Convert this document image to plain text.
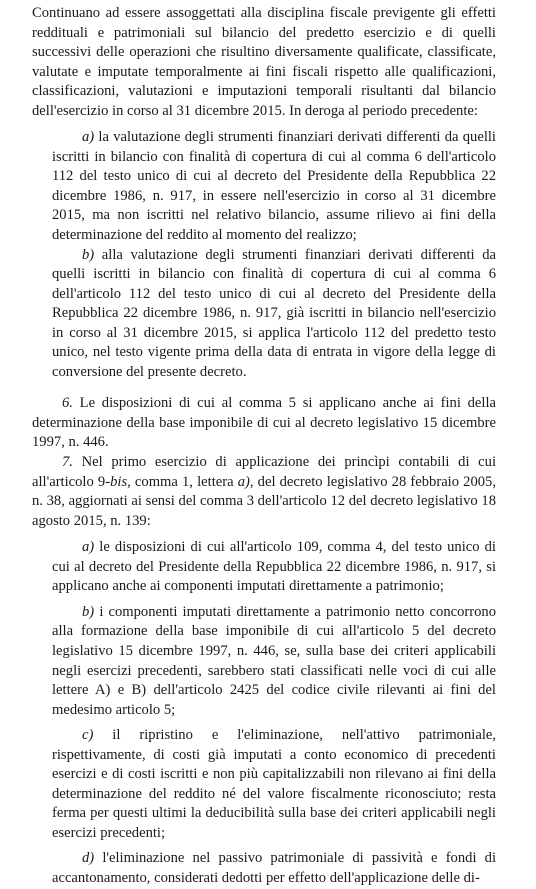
Continuano ad essere assoggettati alla disciplina fiscale previgente gli effetti reddituali e patrimoniali sul bilancio del predetto esercizio e di quelli successivi delle operazioni che risultino diversamente qualificate, classificate, valutate e imputate temporalmente ai fini fiscali rispetto alle qualificazioni, classificazioni, valutazioni e imputazioni temporali risultanti dal bilancio dell'esercizio in corso al 31 dicembre 2015. In deroga al periodo precedente:

a) la valutazione degli strumenti finanziari derivati differenti da quelli iscritti in bilancio con finalità di copertura di cui al comma 6 dell'articolo 112 del testo unico di cui al decreto del Presidente della Repubblica 22 dicembre 1986, n. 917, in essere nell'esercizio in corso al 31 dicembre 2015, ma non iscritti nel relativo bilancio, assume rilievo ai fini della determinazione del reddito al momento del realizzo;

b) alla valutazione degli strumenti finanziari derivati differenti da quelli iscritti in bilancio con finalità di copertura di cui al comma 6 dell'articolo 112 del testo unico di cui al decreto del Presidente della Repubblica 22 dicembre 1986, n. 917, già iscritti in bilancio nell'esercizio in corso al 31 dicembre 2015, si applica l'articolo 112 del predetto testo unico, nel testo vigente prima della data di entrata in vigore della legge di conversione del presente decreto.

6. Le disposizioni di cui al comma 5 si applicano anche ai fini della determinazione della base imponibile di cui al decreto legislativo 15 dicembre 1997, n. 446.

7. Nel primo esercizio di applicazione dei princìpi contabili di cui all'articolo 9-bis, comma 1, lettera a), del decreto legislativo 28 febbraio 2005, n. 38, aggiornati ai sensi del comma 3 dell'articolo 12 del decreto legislativo 18 agosto 2015, n. 139:

a) le disposizioni di cui all'articolo 109, comma 4, del testo unico di cui al decreto del Presidente della Repubblica 22 dicembre 1986, n. 917, si applicano anche ai componenti imputati direttamente a patrimonio;

b) i componenti imputati direttamente a patrimonio netto concorrono alla formazione della base imponibile di cui all'articolo 5 del decreto legislativo 15 dicembre 1997, n. 446, se, sulla base dei criteri applicabili negli esercizi precedenti, sarebbero stati classificati nelle voci di cui alle lettere A) e B) dell'articolo 2425 del codice civile rilevanti ai fini del medesimo articolo 5;

c) il ripristino e l'eliminazione, nell'attivo patrimoniale, rispettivamente, di costi già imputati a conto economico di precedenti esercizi e di costi iscritti e non più capitalizzabili non rilevano ai fini della determinazione del reddito né del valore fiscalmente riconosciuto; resta ferma per questi ultimi la deducibilità sulla base dei criteri applicabili negli esercizi precedenti;

d) l'eliminazione nel passivo patrimoniale di passività e fondi di accantonamento, considerati dedotti per effetto dell'applicazione delle di-
